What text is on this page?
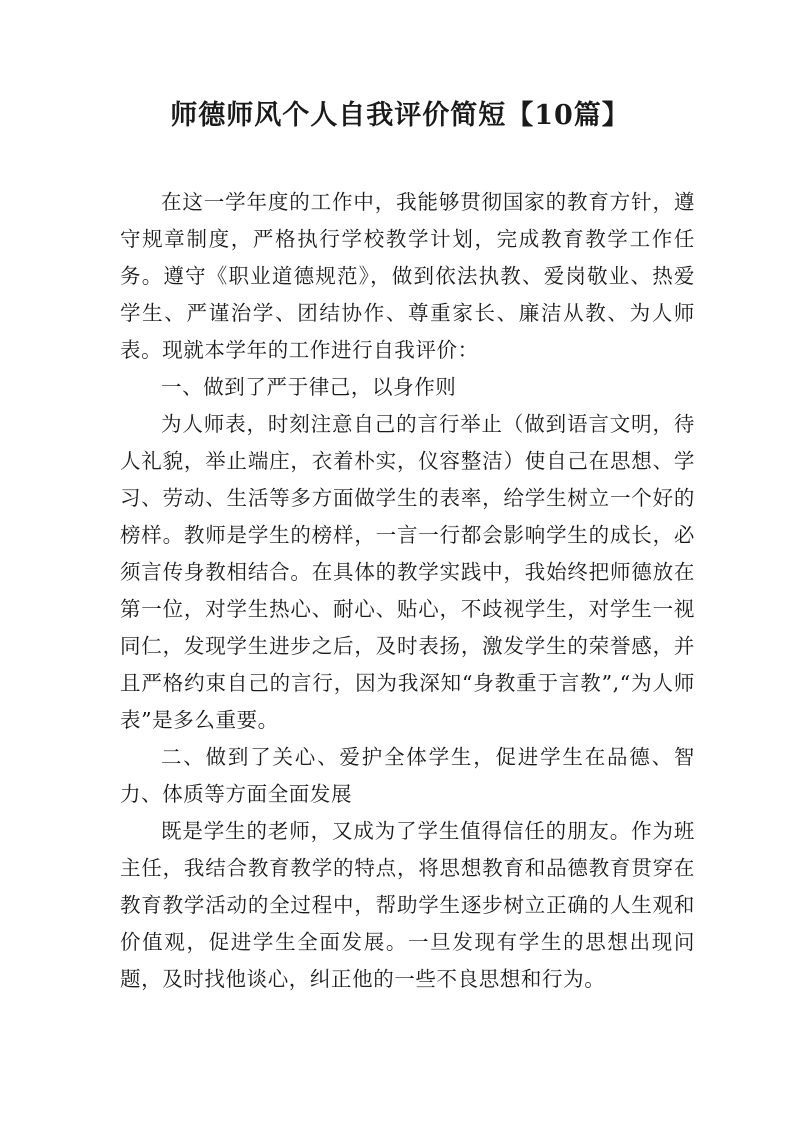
师德师风个人自我评价简短【10篇】

在这一学年度的工作中，我能够贯彻国家的教育方针，遵守规章制度，严格执行学校教学计划，完成教育教学工作任务。遵守《职业道德规范》，做到依法执教、爱岗敬业、热爱学生、严谨治学、团结协作、尊重家长、廉洁从教、为人师表。现就本学年的工作进行自我评价：

一、做到了严于律己，以身作则

为人师表，时刻注意自己的言行举止（做到语言文明，待人礼貌，举止端庄，衣着朴实，仪容整洁）使自己在思想、学习、劳动、生活等多方面做学生的表率，给学生树立一个好的榜样。教师是学生的榜样，一言一行都会影响学生的成长，必须言传身教相结合。在具体的教学实践中，我始终把师德放在第一位，对学生热心、耐心、贴心，不歧视学生，对学生一视同仁，发现学生进步之后，及时表扬，激发学生的荣誉感，并且严格约束自己的言行，因为我深知“身教重于言教”,“为人师表”是多么重要。

二、做到了关心、爱护全体学生，促进学生在品德、智力、体质等方面全面发展

既是学生的老师，又成为了学生值得信任的朋友。作为班主任，我结合教育教学的特点，将思想教育和品德教育贯穿在教育教学活动的全过程中，帮助学生逐步树立正确的人生观和价值观，促进学生全面发展。一旦发现有学生的思想出现问题，及时找他谈心，纠正他的一些不良思想和行为。
